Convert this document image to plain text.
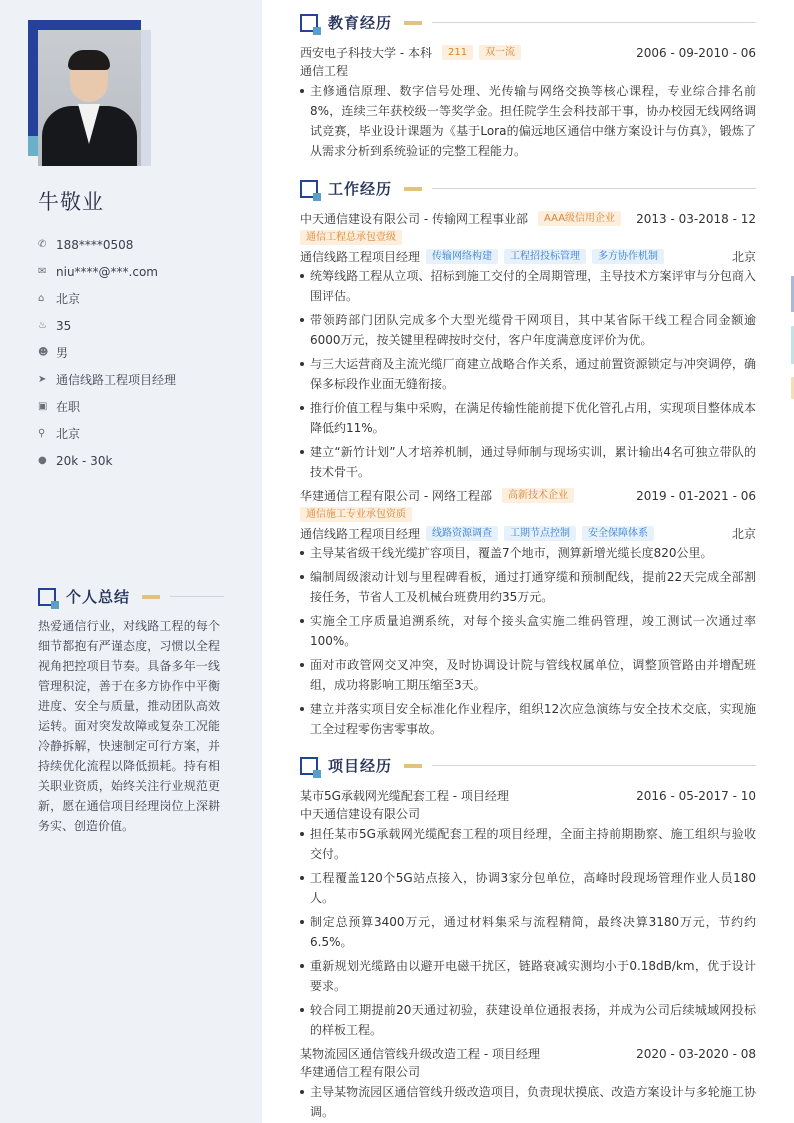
牛敬业
✆ 188****0508
✉ niu****@***.com
⌂ 北京
♨ 35
☻ 男
➤ 通信线路工程项目经理
▣ 在职
⚲ 北京
● 20k - 30k
个人总结
热爱通信行业，对线路工程的每个细节都抱有严谨态度，习惯以全程视角把控项目节奏。具备多年一线管理积淀，善于在多方协作中平衡进度、安全与质量，推动团队高效运转。面对突发故障或复杂工况能冷静拆解，快速制定可行方案，并持续优化流程以降低损耗。持有相关职业资质，始终关注行业规范更新，愿在通信项目经理岗位上深耕务实、创造价值。
教育经历
西安电子科技大学 - 本科	211	双一流	2006 - 09-2010 - 06
通信工程
主修通信原理、数字信号处理、光传输与网络交换等核心课程，专业综合排名前8%，连续三年获校级一等奖学金。担任院学生会科技部干事，协办校园无线网络调试竞赛，毕业设计课题为《基于Lora的偏远地区通信中继方案设计与仿真》，锻炼了从需求分析到系统验证的完整工程能力。
工作经历
中天通信建设有限公司 - 传输网工程事业部	AAA级信用企业	2013 - 03-2018 - 12
通信工程总承包壹级
通信线路工程项目经理	传输网络构建	工程招投标管理	多方协作机制	北京
统筹线路工程从立项、招标到施工交付的全周期管理，主导技术方案评审与分包商入围评估。
带领跨部门团队完成多个大型光缆骨干网项目，其中某省际干线工程合同金额逾6000万元，按关键里程碑按时交付，客户年度满意度评价为优。
与三大运营商及主流光缆厂商建立战略合作关系，通过前置资源锁定与冲突调停，确保多标段作业面无缝衔接。
推行价值工程与集中采购，在满足传输性能前提下优化管孔占用，实现项目整体成本降低约11%。
建立“新竹计划”人才培养机制，通过导师制与现场实训，累计输出4名可独立带队的技术骨干。
华建通信工程有限公司 - 网络工程部	高新技术企业	2019 - 01-2021 - 06
通信施工专业承包资质
通信线路工程项目经理	线路资源调查	工期节点控制	安全保障体系	北京
主导某省级干线光缆扩容项目，覆盖7个地市，测算新增光缆长度820公里。
编制周级滚动计划与里程碑看板，通过打通穿缆和预制配线，提前22天完成全部割接任务，节省人工及机械台班费用约35万元。
实施全工序质量追溯系统，对每个接头盒实施二维码管理，竣工测试一次通过率100%。
面对市政管网交叉冲突，及时协调设计院与管线权属单位，调整顶管路由并增配班组，成功将影响工期压缩至3天。
建立并落实项目安全标准化作业程序，组织12次应急演练与安全技术交底，实现施工全过程零伤害零事故。
项目经历
某市5G承载网光缆配套工程 - 项目经理	2016 - 05-2017 - 10
中天通信建设有限公司
担任某市5G承载网光缆配套工程的项目经理，全面主持前期勘察、施工组织与验收交付。
工程覆盖120个5G站点接入，协调3家分包单位，高峰时段现场管理作业人员180人。
制定总预算3400万元，通过材料集采与流程精简，最终决算3180万元，节约约6.5%。
重新规划光缆路由以避开电磁干扰区，链路衰减实测均小于0.18dB/km，优于设计要求。
较合同工期提前20天通过初验，获建设单位通报表扬，并成为公司后续城域网投标的样板工程。
某物流园区通信管线升级改造工程 - 项目经理	2020 - 03-2020 - 08
华建通信工程有限公司
主导某物流园区通信管线升级改造项目，负责现状摸底、改造方案设计与多轮施工协调。
